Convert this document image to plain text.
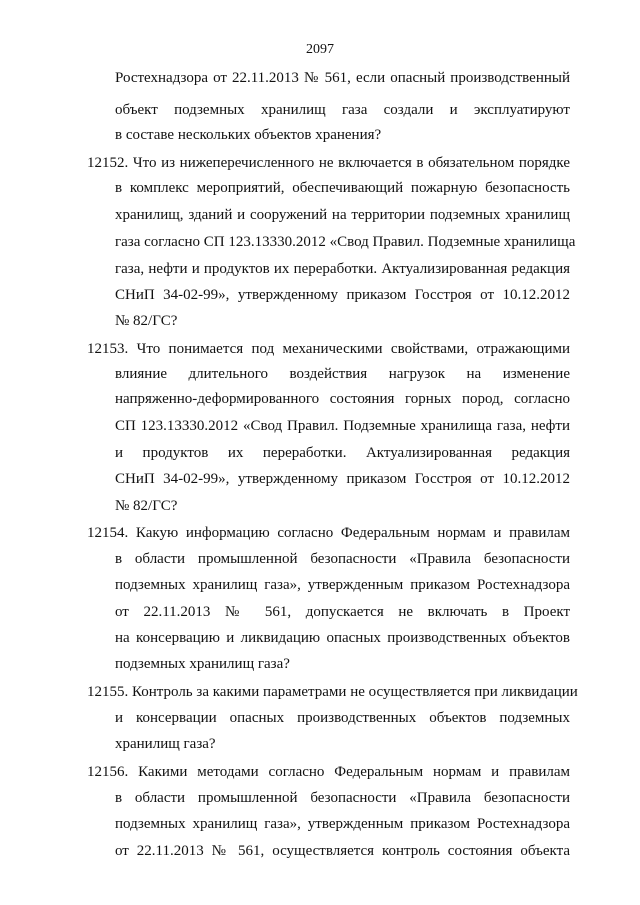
2097
Ростехнадзора от 22.11.2013 № 561, если опасный производственный
объект подземных хранилищ газа создали и эксплуатируют
в составе нескольких объектов хранения?
12152. Что из нижеперечисленного не включается в обязательном порядке
в комплекс мероприятий, обеспечивающий пожарную безопасность
хранилищ, зданий и сооружений на территории подземных хранилищ
газа согласно СП 123.13330.2012 «Свод Правил. Подземные хранилища
газа, нефти и продуктов их переработки. Актуализированная редакция
СНиП 34-02-99», утвержденному приказом Госстроя от 10.12.2012
№ 82/ГС?
12153. Что понимается под механическими свойствами, отражающими
влияние длительного воздействия нагрузок на изменение
напряженно-деформированного состояния горных пород, согласно
СП 123.13330.2012 «Свод Правил. Подземные хранилища газа, нефти
и продуктов их переработки. Актуализированная редакция
СНиП 34-02-99», утвержденному приказом Госстроя от 10.12.2012
№ 82/ГС?
12154. Какую информацию согласно Федеральным нормам и правилам
в области промышленной безопасности «Правила безопасности
подземных хранилищ газа», утвержденным приказом Ростехнадзора
от 22.11.2013 № 561, допускается не включать в Проект
на консервацию и ликвидацию опасных производственных объектов
подземных хранилищ газа?
12155. Контроль за какими параметрами не осуществляется при ликвидации
и консервации опасных производственных объектов подземных
хранилищ газа?
12156. Какими методами согласно Федеральным нормам и правилам
в области промышленной безопасности «Правила безопасности
подземных хранилищ газа», утвержденным приказом Ростехнадзора
от 22.11.2013 № 561, осуществляется контроль состояния объекта
